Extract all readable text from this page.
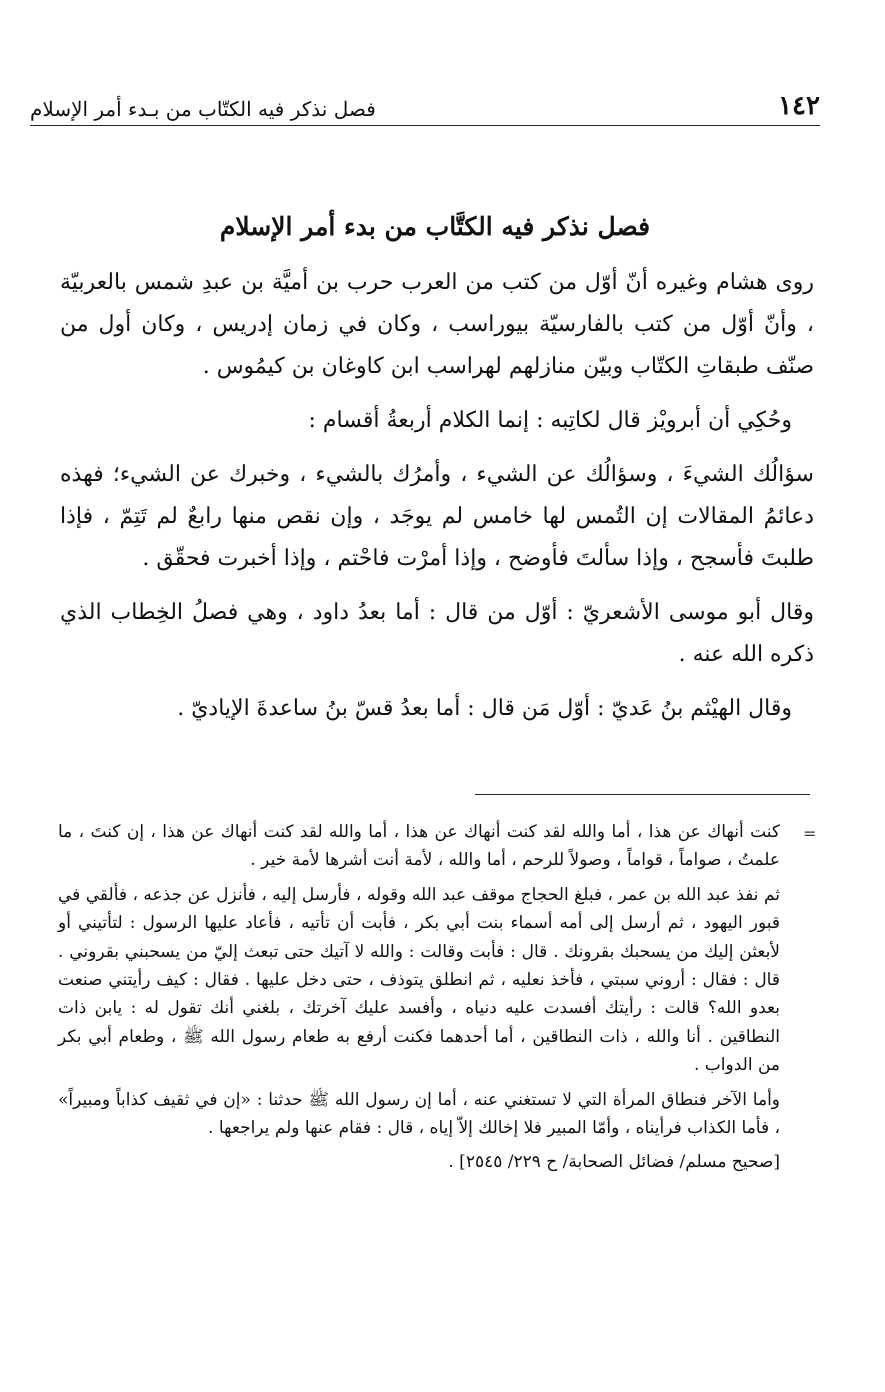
١٤٢
فصل نذكر فيه الكتّاب من بـدء أمر الإسلام
فصل نذكر فيه الكتَّاب من بدء أمر الإسلام

روى هشام وغيره أنّ أوّل من كتب من العرب حرب بن أميَّة بن عبدِ شمس بالعربيّة ، وأنّ أوّل من كتب بالفارسيّة بيوراسب ، وكان في زمان إدريس ، وكان أول من صنّف طبقاتِ الكتّاب وبيّن منازلهم لهراسب ابن كاوغان بن كيمُوس .

وحُكِي أن أبرويْز قال لكاتِبه : إنما الكلام أربعةُ أقسام :

سؤالُك الشيءَ ، وسؤالُك عن الشيء ، وأمرُك بالشيء ، وخبرك عن الشيء؛ فهذه دعائمُ المقالات إن التُمس لها خامس لم يوجَد ، وإن نقص منها رابعٌ لم تَتِمّ ، فإذا طلبتَ فأسجح ، وإذا سألتَ فأوضح ، وإذا أمرْت فاحْتم ، وإذا أخبرت فحقّق .

وقال أبو موسى الأشعريّ : أوّل من قال : أما بعدُ داود ، وهي فصلُ الخِطاب الذي ذكره الله عنه .

وقال الهيْثم بنُ عَديّ : أوّل مَن قال : أما بعدُ قسّ بنُ ساعدةَ الإياديّ .

=

كنت أنهاك عن هذا ، أما والله لقد كنت أنهاك عن هذا ، أما والله لقد كنت أنهاك عن هذا ، إن كنتَ ، ما علمتُ ، صواماً ، قواماً ، وصولاً للرحم ، أما والله ، لأمة أنت أشرها لأمة خير .

ثم نفذ عبد الله بن عمر ، فبلغ الحجاج موقف عبد الله وقوله ، فأرسل إليه ، فأنزل عن جذعه ، فألقي في قبور اليهود ، ثم أرسل إلى أمه أسماء بنت أبي بكر ، فأبت أن تأتيه ، فأعاد عليها الرسول : لتأتيني أو لأبعثن إليك من يسحبك بقرونك . قال : فأبت وقالت : والله لا آتيك حتى تبعث إليّ من يسحبني بقروني . قال : فقال : أروني سبتي ، فأخذ نعليه ، ثم انطلق يتوذف ، حتى دخل عليها . فقال : كيف رأيتني صنعت بعدو الله؟ قالت : رأيتك أفسدت عليه دنياه ، وأفسد عليك آخرتك ، بلغني أنك تقول له : يابن ذات النطاقين . أنا والله ، ذات النطاقين ، أما أحدهما فكنت أرفع به طعام رسول الله ﷺ ، وطعام أبي بكر من الدواب .

وأما الآخر فنطاق المرأة التي لا تستغني عنه ، أما إن رسول الله ﷺ حدثنا : «إن في ثقيف كذاباً ومبيراً» ، فأما الكذاب فرأيناه ، وأمّا المبير فلا إخالك إلاّ إياه ، قال : فقام عنها ولم يراجعها .

[صحيح مسلم/ فضائل الصحابة/ ح ٢٢٩/ ٢٥٤٥] .
